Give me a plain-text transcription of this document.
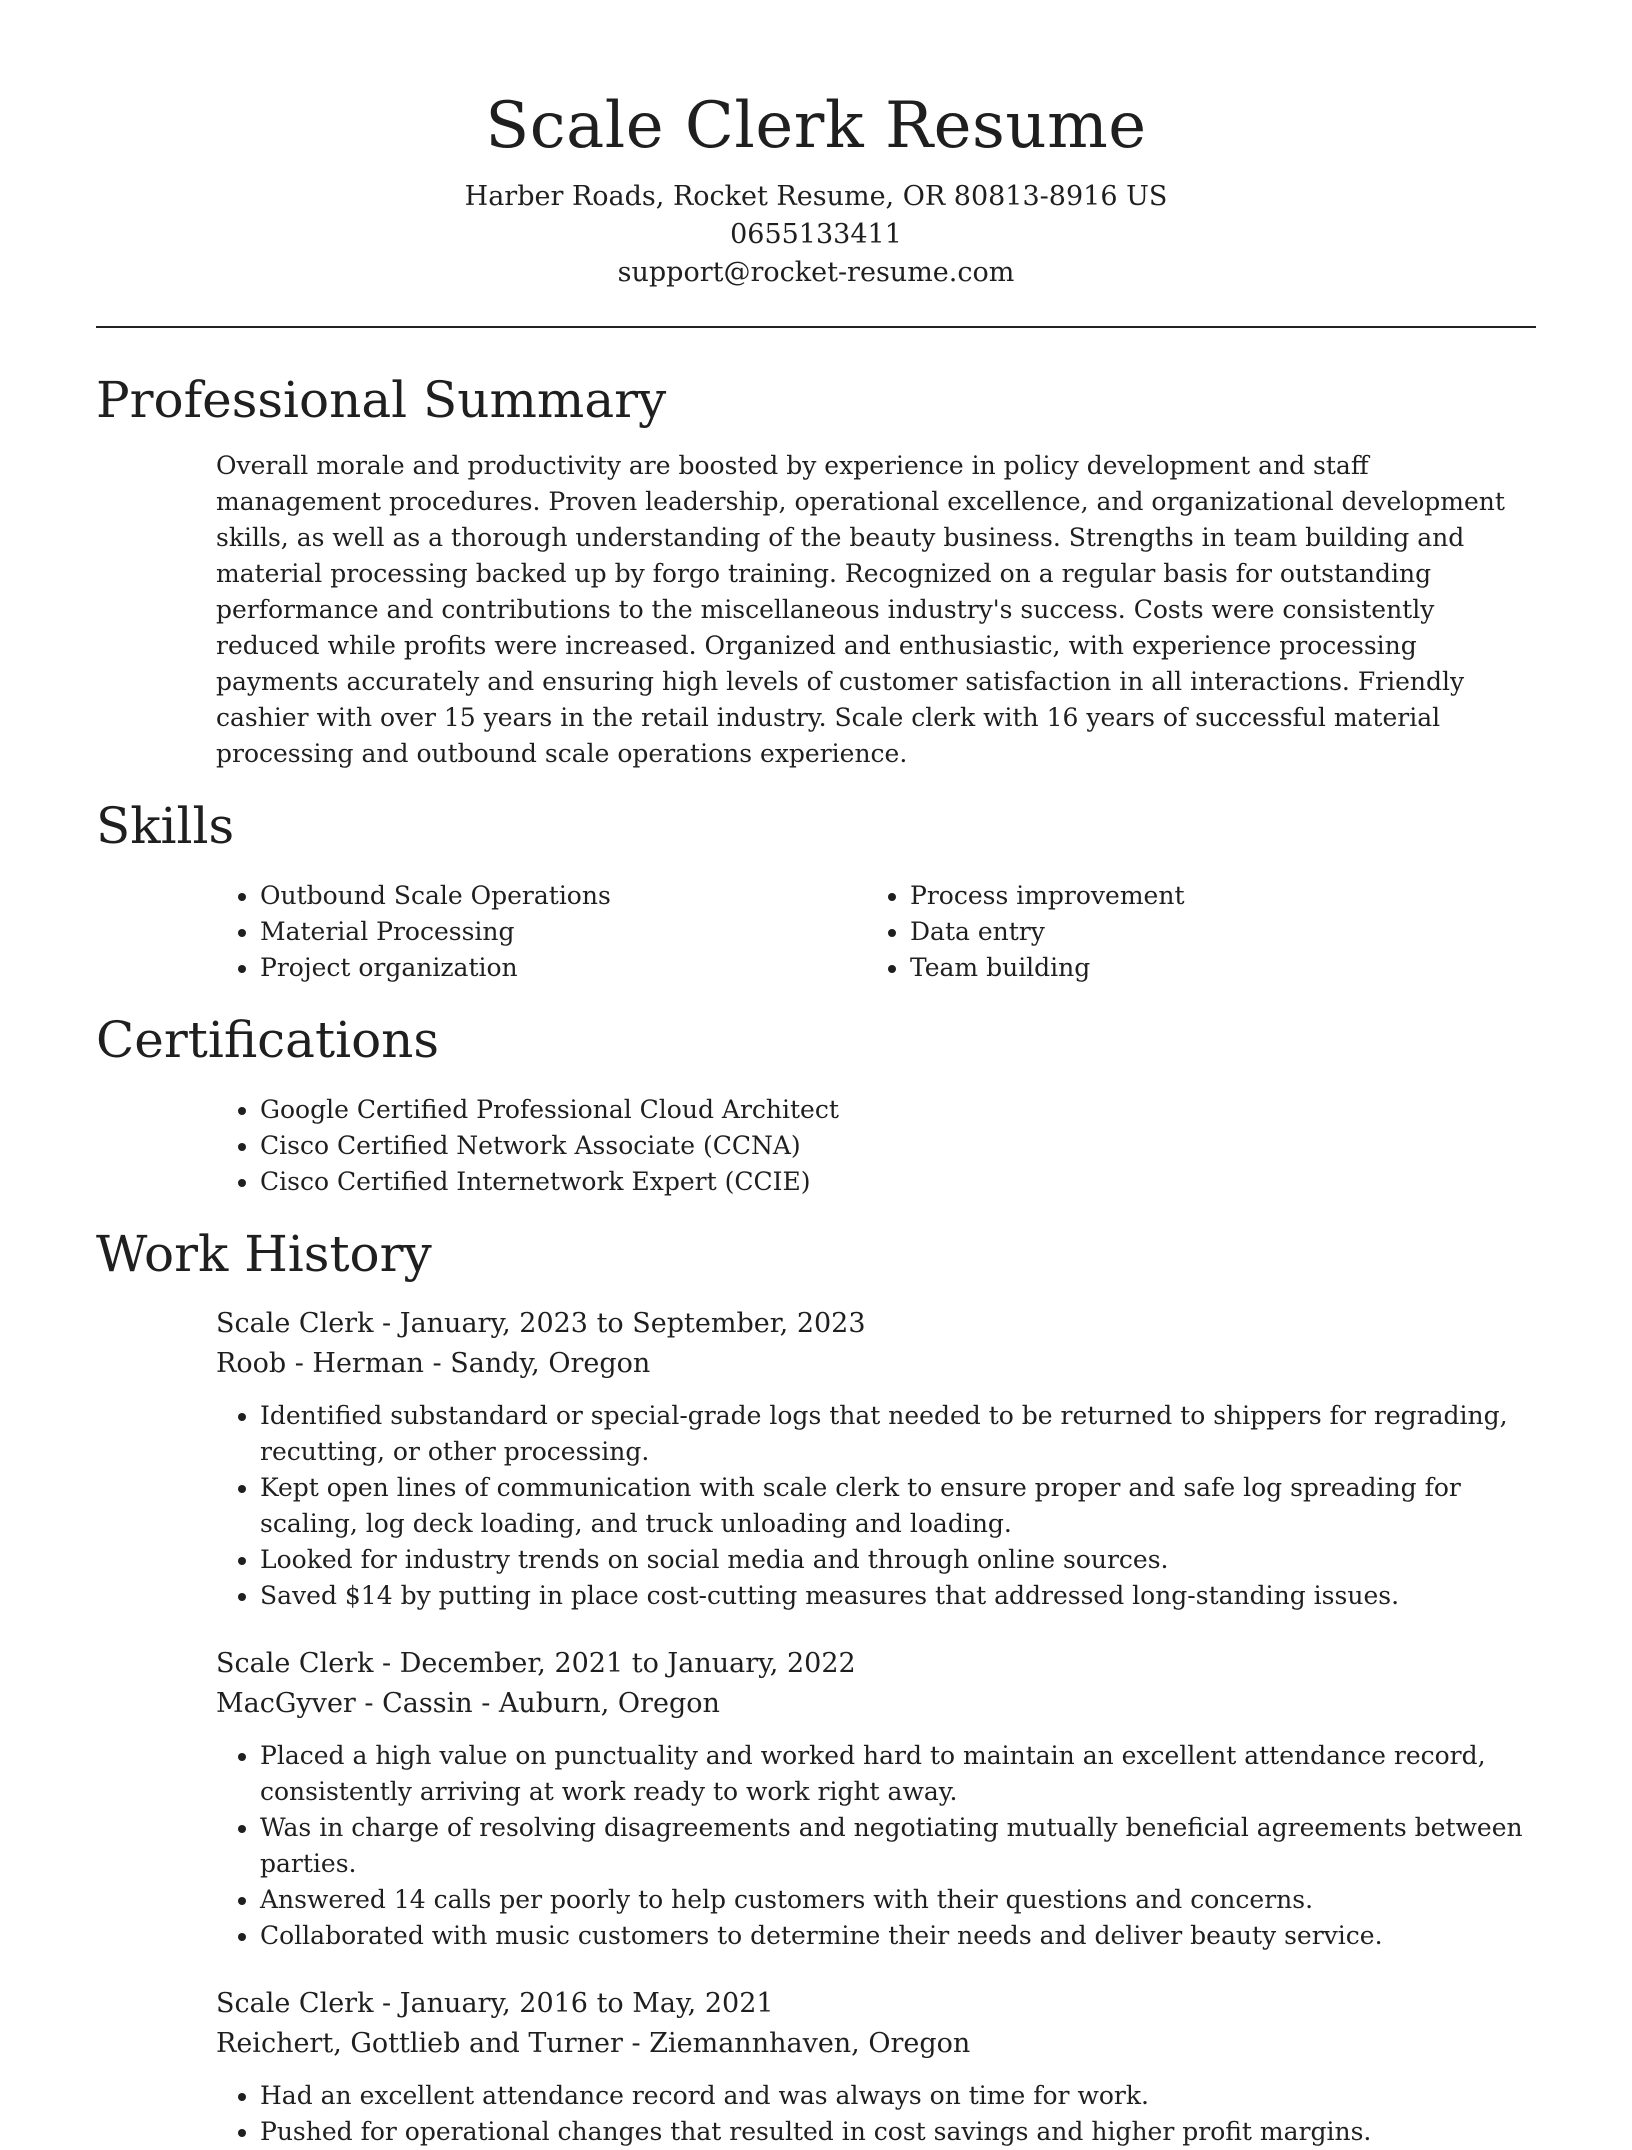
Scale Clerk Resume

Harber Roads, Rocket Resume, OR 80813-8916 US

0655133411

support@rocket-resume.com

Professional Summary

Overall morale and productivity are boosted by experience in policy development and staff management procedures. Proven leadership, operational excellence, and organizational development skills, as well as a thorough understanding of the beauty business. Strengths in team building and material processing backed up by forgo training. Recognized on a regular basis for outstanding performance and contributions to the miscellaneous industry's success. Costs were consistently reduced while profits were increased. Organized and enthusiastic, with experience processing payments accurately and ensuring high levels of customer satisfaction in all interactions. Friendly cashier with over 15 years in the retail industry. Scale clerk with 16 years of successful material processing and outbound scale operations experience.

Skills
• Outbound Scale Operations
• Material Processing
• Project organization
• Process improvement
• Data entry
• Team building
Certifications
• Google Certified Professional Cloud Architect
• Cisco Certified Network Associate (CCNA)
• Cisco Certified Internetwork Expert (CCIE)
Work History

Scale Clerk - January, 2023 to September, 2023

Roob - Herman - Sandy, Oregon

• Identified substandard or special-grade logs that needed to be returned to shippers for regrading, recutting, or other processing.
• Kept open lines of communication with scale clerk to ensure proper and safe log spreading for scaling, log deck loading, and truck unloading and loading.
• Looked for industry trends on social media and through online sources.
• Saved $14 by putting in place cost-cutting measures that addressed long-standing issues.

Scale Clerk - December, 2021 to January, 2022

MacGyver - Cassin - Auburn, Oregon

• Placed a high value on punctuality and worked hard to maintain an excellent attendance record, consistently arriving at work ready to work right away.
• Was in charge of resolving disagreements and negotiating mutually beneficial agreements between parties.
• Answered 14 calls per poorly to help customers with their questions and concerns.
• Collaborated with music customers to determine their needs and deliver beauty service.

Scale Clerk - January, 2016 to May, 2021

Reichert, Gottlieb and Turner - Ziemannhaven, Oregon

• Had an excellent attendance record and was always on time for work.
• Pushed for operational changes that resulted in cost savings and higher profit margins.
